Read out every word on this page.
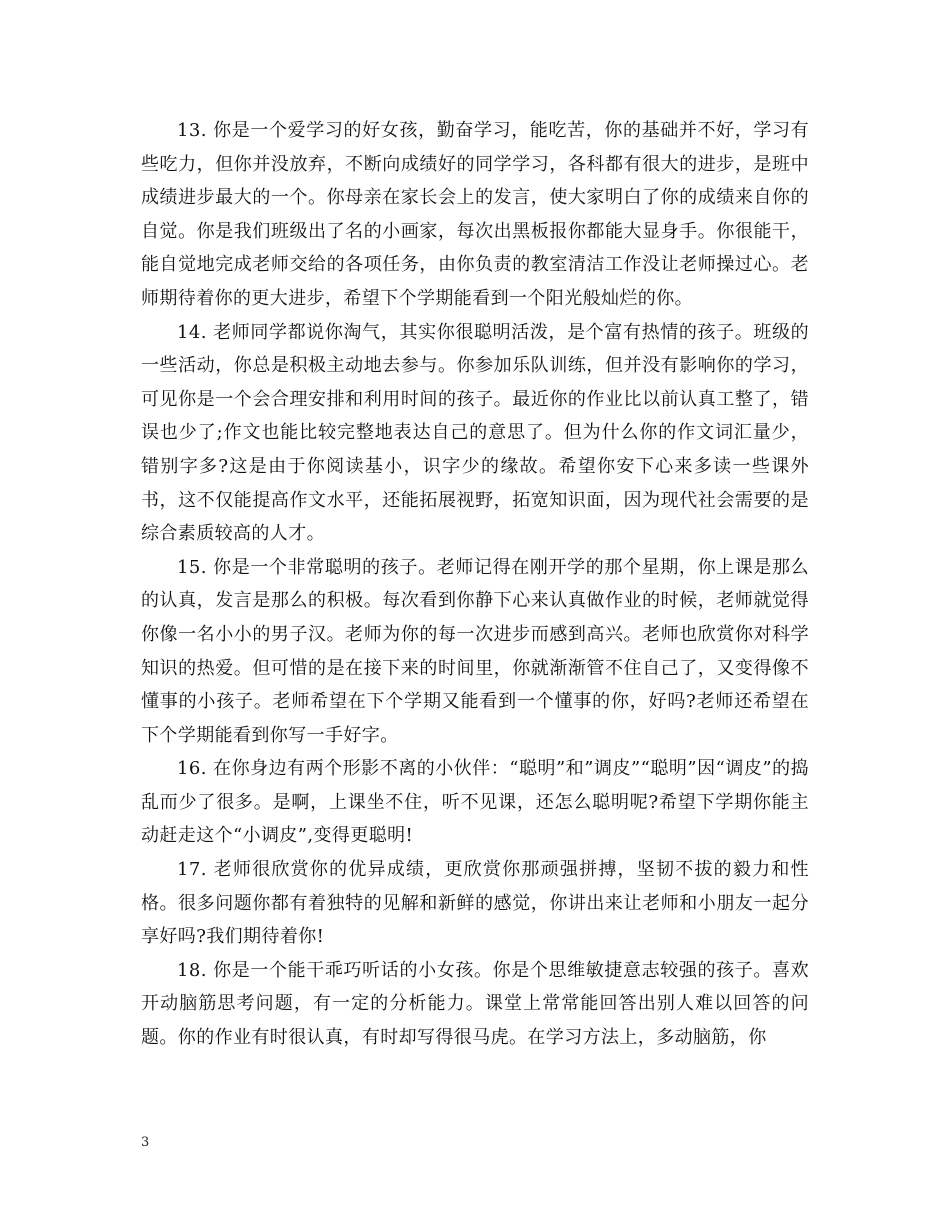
13. 你是一个爱学习的好女孩，勤奋学习，能吃苦，你的基础并不好，学习有些吃力，但你并没放弃，不断向成绩好的同学学习，各科都有很大的进步，是班中成绩进步最大的一个。你母亲在家长会上的发言，使大家明白了你的成绩来自你的自觉。你是我们班级出了名的小画家，每次出黑板报你都能大显身手。你很能干，能自觉地完成老师交给的各项任务，由你负责的教室清洁工作没让老师操过心。老师期待着你的更大进步，希望下个学期能看到一个阳光般灿烂的你。

14. 老师同学都说你淘气，其实你很聪明活泼，是个富有热情的孩子。班级的一些活动，你总是积极主动地去参与。你参加乐队训练，但并没有影响你的学习，可见你是一个会合理安排和利用时间的孩子。最近你的作业比以前认真工整了，错误也少了;作文也能比较完整地表达自己的意思了。但为什么你的作文词汇量少，错别字多?这是由于你阅读基小，识字少的缘故。希望你安下心来多读一些课外书，这不仅能提高作文水平，还能拓展视野，拓宽知识面，因为现代社会需要的是综合素质较高的人才。

15. 你是一个非常聪明的孩子。老师记得在刚开学的那个星期，你上课是那么的认真，发言是那么的积极。每次看到你静下心来认真做作业的时候，老师就觉得你像一名小小的男子汉。老师为你的每一次进步而感到高兴。老师也欣赏你对科学知识的热爱。但可惜的是在接下来的时间里，你就渐渐管不住自己了，又变得像不懂事的小孩子。老师希望在下个学期又能看到一个懂事的你，好吗?老师还希望在下个学期能看到你写一手好字。

16. 在你身边有两个形影不离的小伙伴：“聪明”和”调皮”“聪明”因“调皮”的捣乱而少了很多。是啊，上课坐不住，听不见课，还怎么聪明呢?希望下学期你能主动赶走这个“小调皮”,变得更聪明!

17. 老师很欣赏你的优异成绩，更欣赏你那顽强拼搏，坚韧不拔的毅力和性格。很多问题你都有着独特的见解和新鲜的感觉，你讲出来让老师和小朋友一起分享好吗?我们期待着你!

18. 你是一个能干乖巧听话的小女孩。你是个思维敏捷意志较强的孩子。喜欢开动脑筋思考问题，有一定的分析能力。课堂上常常能回答出别人难以回答的问题。你的作业有时很认真，有时却写得很马虎。在学习方法上，多动脑筋，你

3
